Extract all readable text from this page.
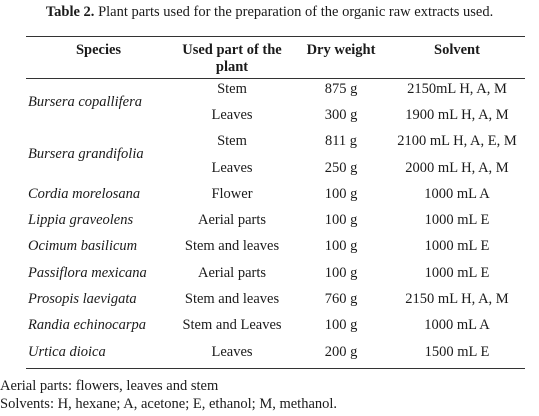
Table 2. Plant parts used for the preparation of the organic raw extracts used.
Species	Used part of the plant	Dry weight	Solvent
Bursera copallifera	Stem	875 g	2150mL H, A, M
	Leaves	300 g	1900 mL H, A, M
Bursera grandifolia	Stem	811 g	2100 mL H, A, E, M
	Leaves	250 g	2000 mL H, A, M
Cordia morelosana	Flower	100 g	1000 mL A
Lippia graveolens	Aerial parts	100 g	1000 mL E
Ocimum basilicum	Stem and leaves	100 g	1000 mL E
Passiflora mexicana	Aerial parts	100 g	1000 mL E
Prosopis laevigata	Stem and leaves	760 g	2150 mL H, A, M
Randia echinocarpa	Stem and Leaves	100 g	1000 mL A
Urtica dioica	Leaves	200 g	1500 mL E
Aerial parts: flowers, leaves and stem
Solvents: H, hexane; A, acetone; E, ethanol; M, methanol.
